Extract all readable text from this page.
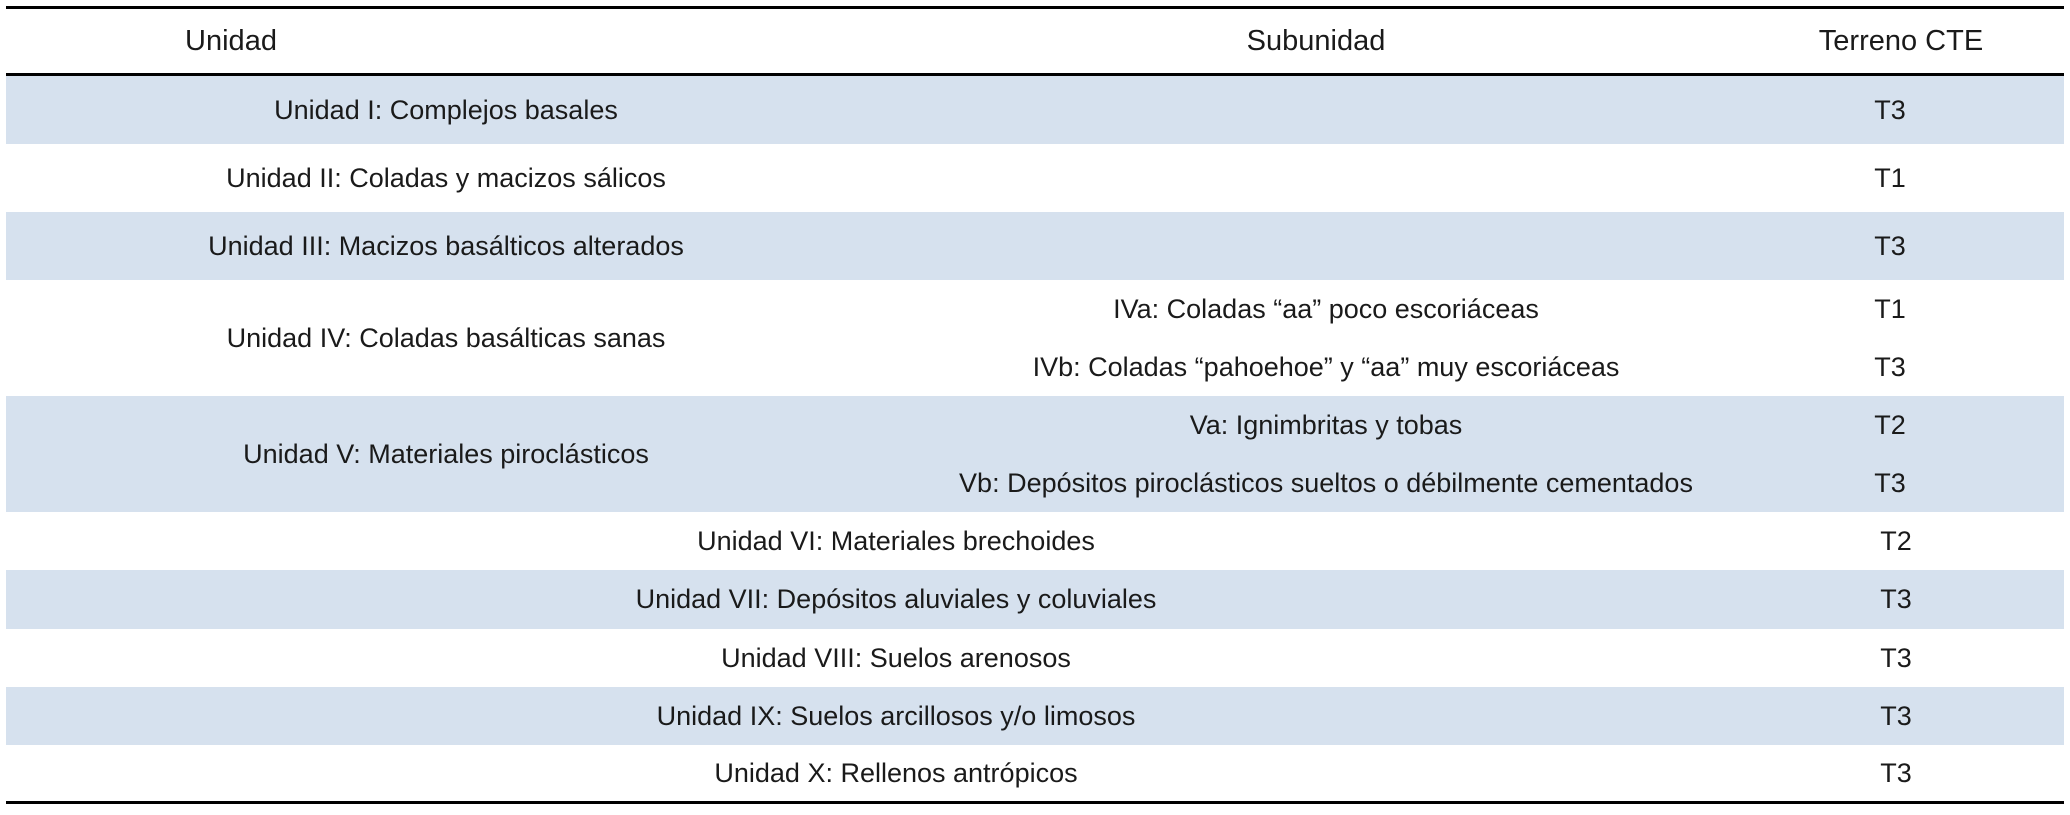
Unidad	Subunidad	Terreno CTE
Unidad I: Complejos basales	T3
Unidad II: Coladas y macizos sálicos	T1
Unidad III: Macizos basálticos alterados	T3
Unidad IV: Coladas basálticas sanas
IVa: Coladas “aa” poco escoriáceas	T1
IVb: Coladas “pahoehoe” y “aa” muy escoriáceas	T3
Unidad V: Materiales piroclásticos
Va: Ignimbritas y tobas	T2
Vb: Depósitos piroclásticos sueltos o débilmente cementados	T3
Unidad VI: Materiales brechoides	T2
Unidad VII: Depósitos aluviales y coluviales	T3
Unidad VIII: Suelos arenosos	T3
Unidad IX: Suelos arcillosos y/o limosos	T3
Unidad X: Rellenos antrópicos	T3
